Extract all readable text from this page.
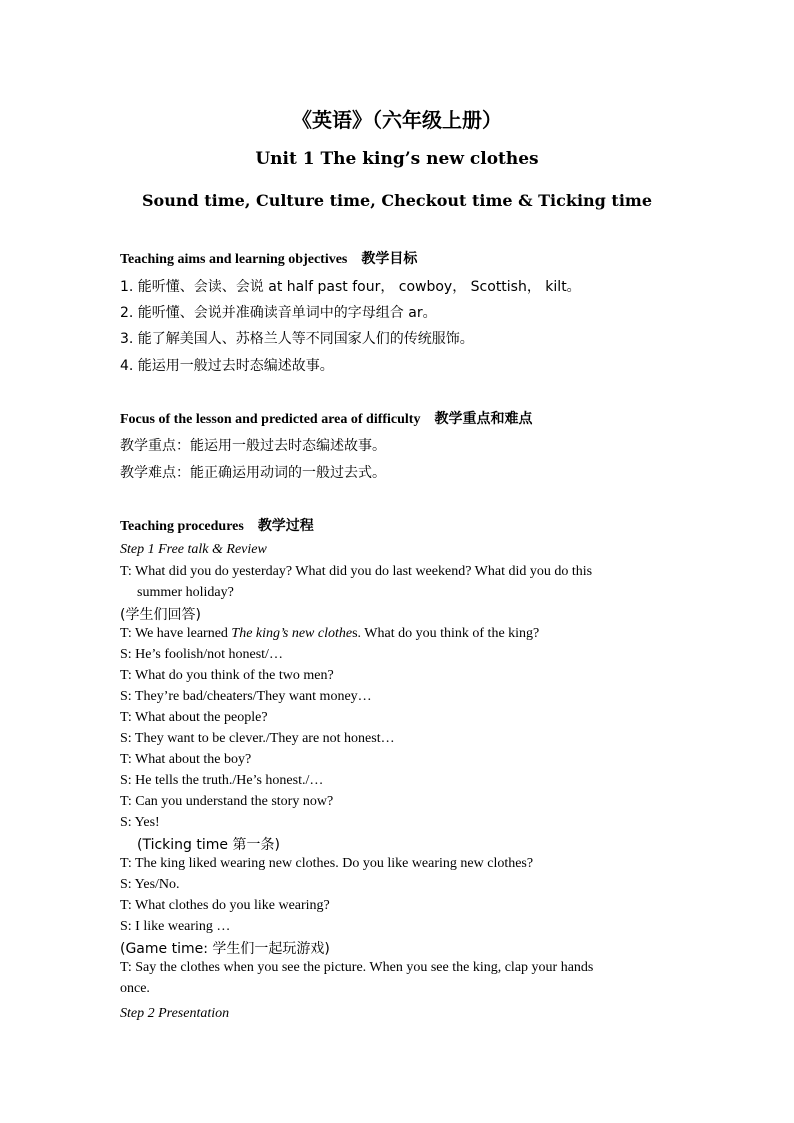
《英语》（六年级上册）
Unit 1 The king’s new clothes
Sound time, Culture time, Checkout time & Ticking time
Teaching aims and learning objectives 教学目标
1. 能听懂、会读、会说 at half past four， cowboy， Scottish， kilt。
2. 能听懂、会说并准确读音单词中的字母组合 ar。
3. 能了解美国人、苏格兰人等不同国家人们的传统服饰。
4. 能运用一般过去时态编述故事。
Focus of the lesson and predicted area of difficulty 教学重点和难点
教学重点：能运用一般过去时态编述故事。
教学难点：能正确运用动词的一般过去式。
Teaching procedures 教学过程
Step 1 Free talk & Review
T: What did you do yesterday? What did you do last weekend? What did you do this
summer holiday?
(学生们回答)
T: We have learned The king’s new clothes. What do you think of the king?
S: He’s foolish/not honest/…
T: What do you think of the two men?
S: They’re bad/cheaters/They want money…
T: What about the people?
S: They want to be clever./They are not honest…
T: What about the boy?
S: He tells the truth./He’s honest./…
T: Can you understand the story now?
S: Yes!
(Ticking time 第一条)
T: The king liked wearing new clothes. Do you like wearing new clothes?
S: Yes/No.
T: What clothes do you like wearing?
S: I like wearing …
(Game time: 学生们一起玩游戏)
T: Say the clothes when you see the picture. When you see the king, clap your hands
once.
Step 2 Presentation
